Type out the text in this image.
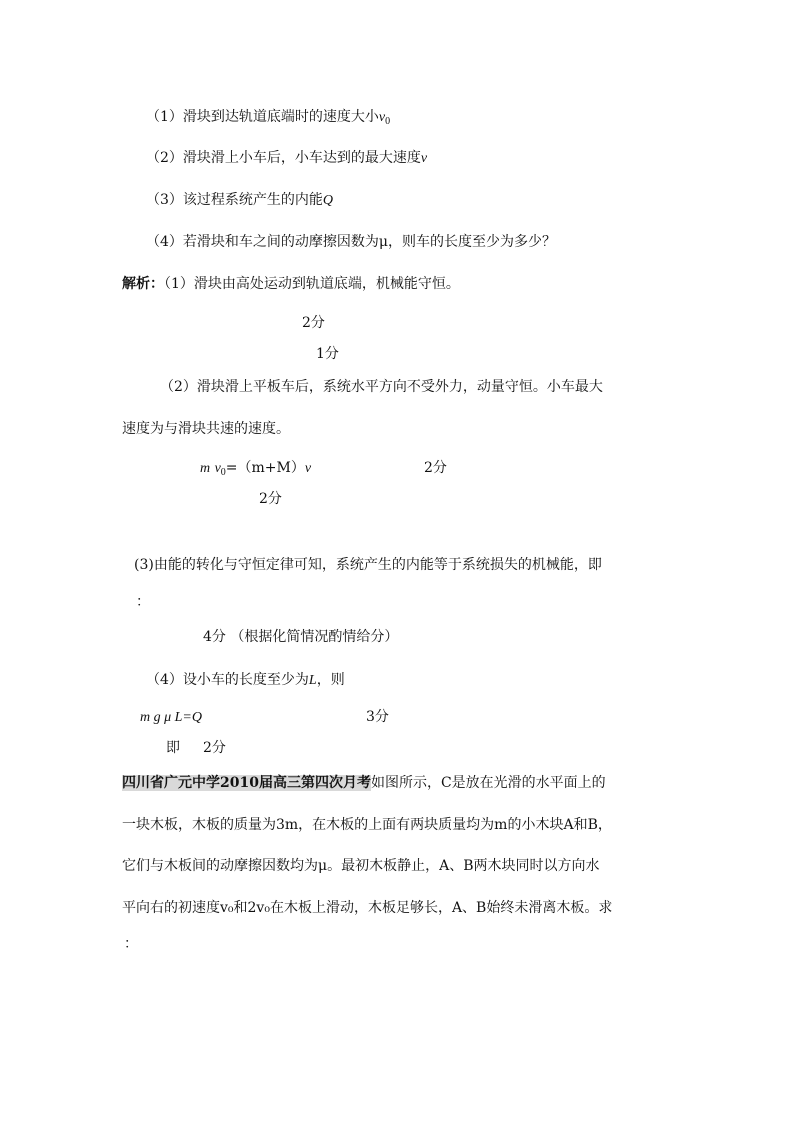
（1）滑块到达轨道底端时的速度大小$v_0$
（2）滑块滑上小车后，小车达到的最大速度v
（3）该过程系统产生的内能Q
（4）若滑块和车之间的动摩擦因数为μ，则车的长度至少为多少？
解析：（1）滑块由高处运动到轨道底端，机械能守恒。
2分
1分
（2）滑块滑上平板车后，系统水平方向不受外力，动量守恒。小车最大
速度为与滑块共速的速度。
m $v_0=(m+M)v$	2分
2分
(3)由能的转化与守恒定律可知，系统产生的内能等于系统损失的机械能，即
：
4分 （根据化简情况酌情给分）
（4）设小车的长度至少为L，则
m g μ L=Q	3分
即 2分
四川省广元中学2010届高三第四次月考如图所示，C是放在光滑的水平面上的
一块木板，木板的质量为3m，在木板的上面有两块质量均为m的小木块A和B，
它们与木板间的动摩擦因数均为μ。最初木板静止，A、B两木块同时以方向水
平向右的初速度v₀和2v₀在木板上滑动，木板足够长，A、B始终未滑离木板。求
：
